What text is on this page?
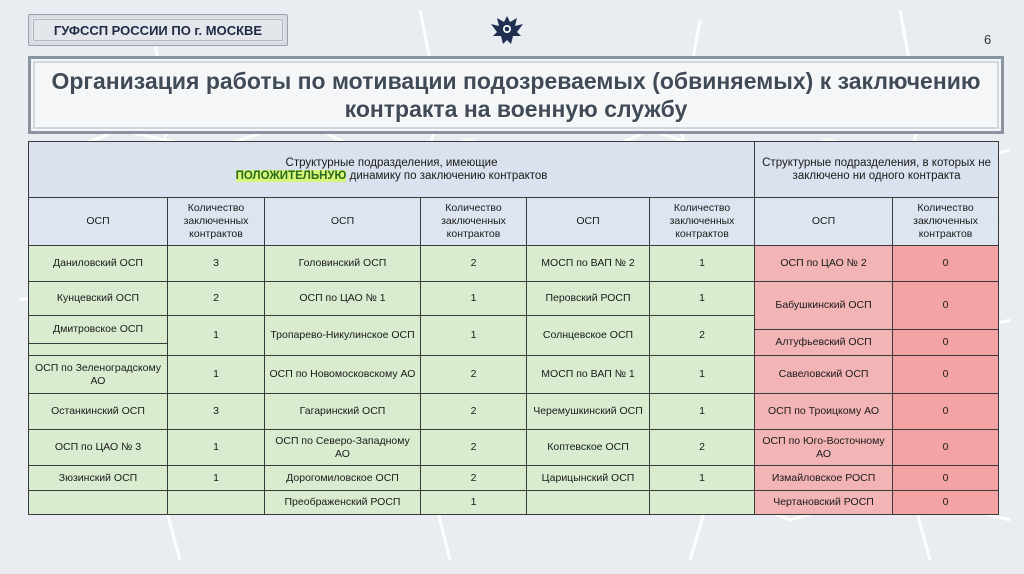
ГУФССП РОССИИ ПО г. МОСКВЕ
6
Организация работы по мотивации подозреваемых (обвиняемых) к заключению
контракта на военную службу
Структурные подразделения, имеющие
ПОЛОЖИТЕЛЬНУЮ динамику по заключению контрактов						Структурные подразделения, в которых не заключено ни одного контракта	
ОСП	Количество заключенных контрактов	ОСП	Количество заключенных контрактов	ОСП	Количество заключенных контрактов	ОСП	Количество заключенных контрактов
Даниловский ОСП	3	Головинский ОСП	2	МОСП по ВАП № 2	1	ОСП по ЦАО № 2	0
Кунцевский ОСП	2	ОСП по ЦАО № 1	1	Перовский РОСП	1	Бабушкинский ОСП	0
Дмитровское ОСП	1	Тропарево-Никулинское ОСП	1	Солнцевское ОСП	2		
						Алтуфьевский ОСП	0

ОСП по Зеленоградскому АО	1	ОСП по Новомосковскому АО	2	МОСП по ВАП № 1	1	Савеловский ОСП	0
Останкинский ОСП	3	Гагаринский ОСП	2	Черемушкинский ОСП	1	ОСП по Троицкому АО	0
ОСП по ЦАО № 3	1	ОСП по Северо-Западному АО	2	Коптевское ОСП	2	ОСП по Юго-Восточному АО	0
Зюзинский ОСП	1	Дорогомиловское ОСП	2	Царицынский ОСП	1	Измайловское РОСП	0
		Преображенский РОСП	1			Чертановский РОСП	0
